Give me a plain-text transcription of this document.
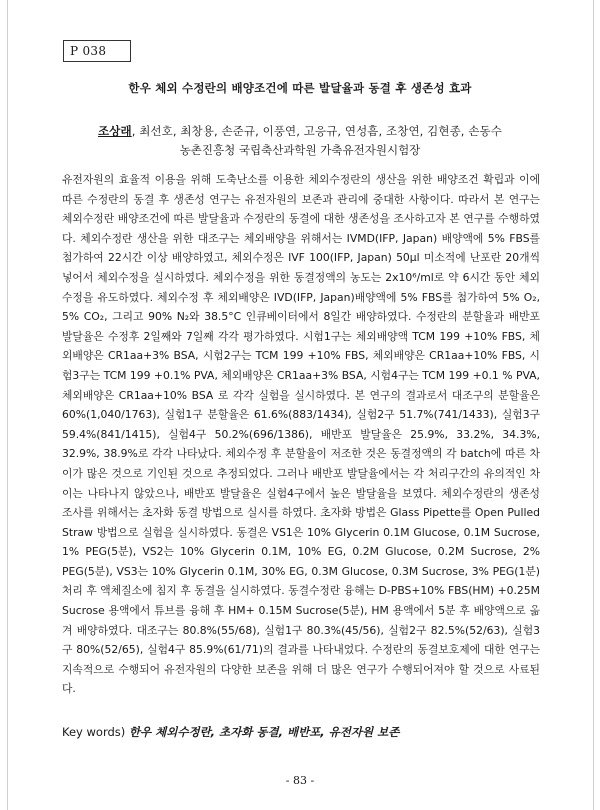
P 038
한우 체외 수정란의 배양조건에 따른 발달율과 동결 후 생존성 효과
조상래, 최선호, 최창용, 손준규, 이풍연, 고응규, 연성흠, 조창연, 김현종, 손동수
농촌진흥청 국립축산과학원 가축유전자원시험장

유전자원의 효율적 이용을 위해 도축난소를 이용한 체외수정란의 생산을 위한 배양조건 확립과 이에 따른 수정란의 동결 후 생존성 연구는 유전자원의 보존과 관리에 중대한 사항이다. 따라서 본 연구는 체외수정란 배양조건에 따른 발달율과 수정란의 동결에 대한 생존성을 조사하고자 본 연구를 수행하였다. 체외수정란 생산을 위한 대조구는 체외배양을 위해서는 IVMD(IFP, Japan) 배양액에 5% FBS를 첨가하여 22시간 이상 배양하였고, 체외수정은 IVF 100(IFP, Japan) 50μl 미소적에 난포란 20개씩 넣어서 체외수정을 실시하였다. 체외수정을 위한 동결정액의 농도는 2x10⁶/ml로 약 6시간 동안 체외수정을 유도하였다. 체외수정 후 체외배양은 IVD(IFP, Japan)배양액에 5% FBS를 첨가하여 5% O₂, 5% CO₂, 그리고 90% N₂와 38.5°C 인큐베이터에서 8일간 배양하였다. 수정란의 분할율과 배반포 발달율은 수정후 2일째와 7일째 각각 평가하였다. 시험1구는 체외배양액 TCM 199 +10% FBS, 체외배양은 CR1aa+3% BSA, 시험2구는 TCM 199 +10% FBS, 체외배양은 CR1aa+10% FBS, 시험3구는 TCM 199 +0.1% PVA, 체외배양은 CR1aa+3% BSA, 시험4구는 TCM 199 +0.1 % PVA, 체외배양은 CR1aa+10% BSA 로 각각 실험을 실시하였다. 본 연구의 결과로서 대조구의 분할율은 60%(1,040/1763), 실험1구 분할율은 61.6%(883/1434), 실험2구 51.7%(741/1433), 실험3구 59.4%(841/1415), 실험4구 50.2%(696/1386), 배반포 발달율은 25.9%, 33.2%, 34.3%, 32.9%, 38.9%로 각각 나타났다. 체외수정 후 분할율이 저조한 것은 동결정액의 각 batch에 따른 차이가 많은 것으로 기인된 것으로 추정되었다. 그러나 배반포 발달율에서는 각 처리구간의 유의적인 차이는 나타나지 않았으나, 배반포 발달율은 실험4구에서 높은 발달율을 보였다. 체외수정란의 생존성 조사를 위해서는 초자화 동결 방법으로 실시를 하였다. 초자화 방법은 Glass Pipette를 Open Pulled Straw 방법으로 실험을 실시하였다. 동결은 VS1은 10% Glycerin 0.1M Glucose, 0.1M Sucrose, 1% PEG(5분), VS2는 10% Glycerin 0.1M, 10% EG, 0.2M Glucose, 0.2M Sucrose, 2% PEG(5분), VS3는 10% Glycerin 0.1M, 30% EG, 0.3M Glucose, 0.3M Sucrose, 3% PEG(1분) 처리 후 액체질소에 침지 후 동결을 실시하였다. 동결수정란 융해는 D-PBS+10% FBS(HM) +0.25M Sucrose 용액에서 튜브를 융해 후 HM+ 0.15M Sucrose(5분), HM 용액에서 5분 후 배양액으로 옮겨 배양하였다. 대조구는 80.8%(55/68), 실험1구 80.3%(45/56), 실험2구 82.5%(52/63), 실험3구 80%(52/65), 실험4구 85.9%(61/71)의 결과를 나타내었다. 수정란의 동결보호제에 대한 연구는 지속적으로 수행되어 유전자원의 다양한 보존을 위해 더 많은 연구가 수행되어져야 할 것으로 사료된다.

Key words) 한우 체외수정란, 초자화 동결, 배반포, 유전자원 보존
- 83 -
